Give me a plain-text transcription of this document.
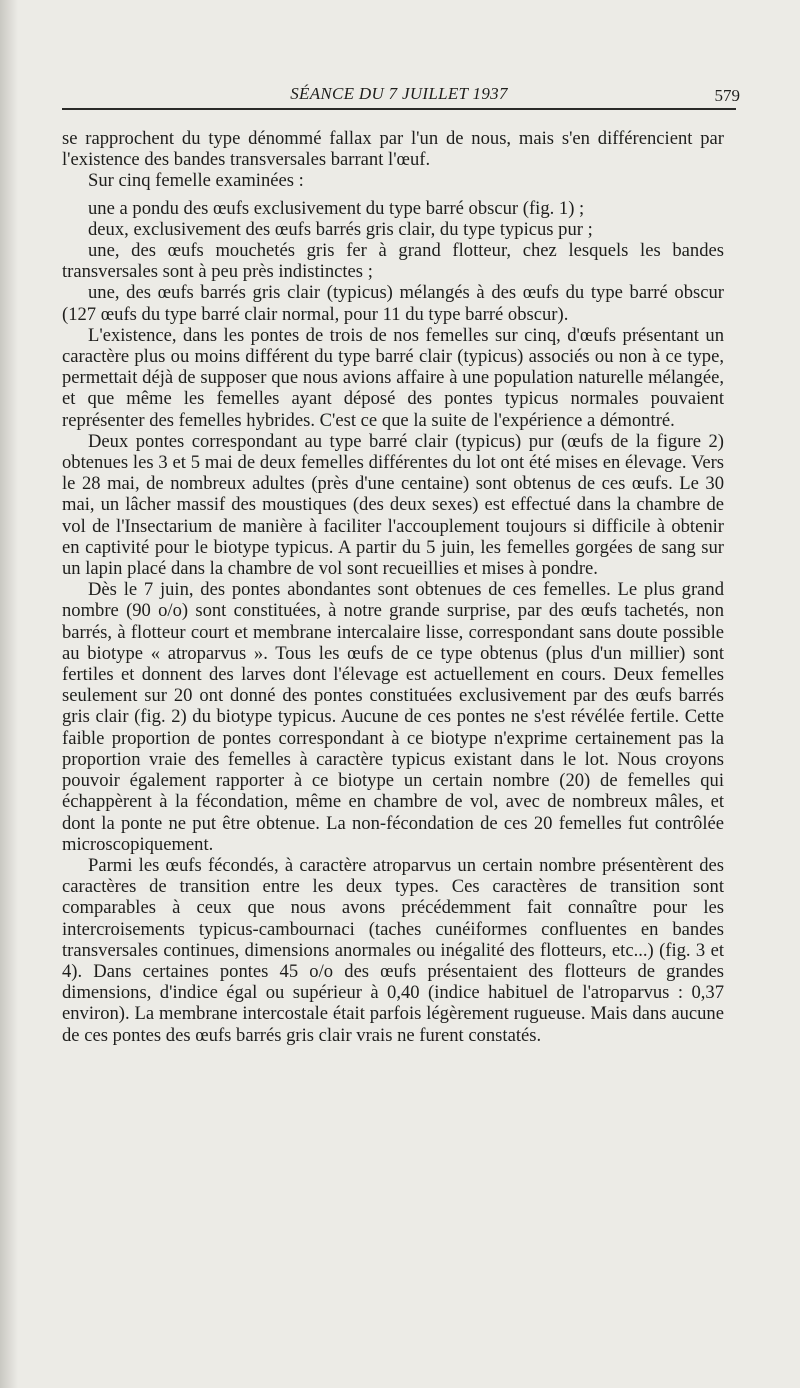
SÉANCE DU 7 JUILLET 1937	579

se rapprochent du type dénommé fallax par l'un de nous, mais s'en différencient par l'existence des bandes transversales barrant l'œuf.

Sur cinq femelle examinées :

une a pondu des œufs exclusivement du type barré obscur (fig. 1) ;

deux, exclusivement des œufs barrés gris clair, du type typicus pur ;

une, des œufs mouchetés gris fer à grand flotteur, chez lesquels les bandes transversales sont à peu près indistinctes ;

une, des œufs barrés gris clair (typicus) mélangés à des œufs du type barré obscur (127 œufs du type barré clair normal, pour 11 du type barré obscur).

L'existence, dans les pontes de trois de nos femelles sur cinq, d'œufs présentant un caractère plus ou moins différent du type barré clair (typicus) associés ou non à ce type, permettait déjà de supposer que nous avions affaire à une population naturelle mélangée, et que même les femelles ayant déposé des pontes typicus normales pouvaient représenter des femelles hybrides. C'est ce que la suite de l'expérience a démontré.

Deux pontes correspondant au type barré clair (typicus) pur (œufs de la figure 2) obtenues les 3 et 5 mai de deux femelles différentes du lot ont été mises en élevage. Vers le 28 mai, de nombreux adultes (près d'une centaine) sont obtenus de ces œufs. Le 30 mai, un lâcher massif des moustiques (des deux sexes) est effectué dans la chambre de vol de l'Insectarium de manière à faciliter l'accouplement toujours si difficile à obtenir en captivité pour le biotype typicus. A partir du 5 juin, les femelles gorgées de sang sur un lapin placé dans la chambre de vol sont recueillies et mises à pondre.

Dès le 7 juin, des pontes abondantes sont obtenues de ces femelles. Le plus grand nombre (90 o/o) sont constituées, à notre grande surprise, par des œufs tachetés, non barrés, à flotteur court et membrane intercalaire lisse, correspondant sans doute possible au biotype « atroparvus ». Tous les œufs de ce type obtenus (plus d'un millier) sont fertiles et donnent des larves dont l'élevage est actuellement en cours. Deux femelles seulement sur 20 ont donné des pontes constituées exclusivement par des œufs barrés gris clair (fig. 2) du biotype typicus. Aucune de ces pontes ne s'est révélée fertile. Cette faible proportion de pontes correspondant à ce biotype n'exprime certainement pas la proportion vraie des femelles à caractère typicus existant dans le lot. Nous croyons pouvoir également rapporter à ce biotype un certain nombre (20) de femelles qui échappèrent à la fécondation, même en chambre de vol, avec de nombreux mâles, et dont la ponte ne put être obtenue. La non-fécondation de ces 20 femelles fut contrôlée microscopiquement.

Parmi les œufs fécondés, à caractère atroparvus un certain nombre présentèrent des caractères de transition entre les deux types. Ces caractères de transition sont comparables à ceux que nous avons précédemment fait connaître pour les intercroisements typicus-cambournaci (taches cunéiformes confluentes en bandes transversales continues, dimensions anormales ou inégalité des flotteurs, etc...) (fig. 3 et 4). Dans certaines pontes 45 o/o des œufs présentaient des flotteurs de grandes dimensions, d'indice égal ou supérieur à 0,40 (indice habituel de l'atroparvus : 0,37 environ). La membrane intercostale était parfois légèrement rugueuse. Mais dans aucune de ces pontes des œufs barrés gris clair vrais ne furent constatés.
